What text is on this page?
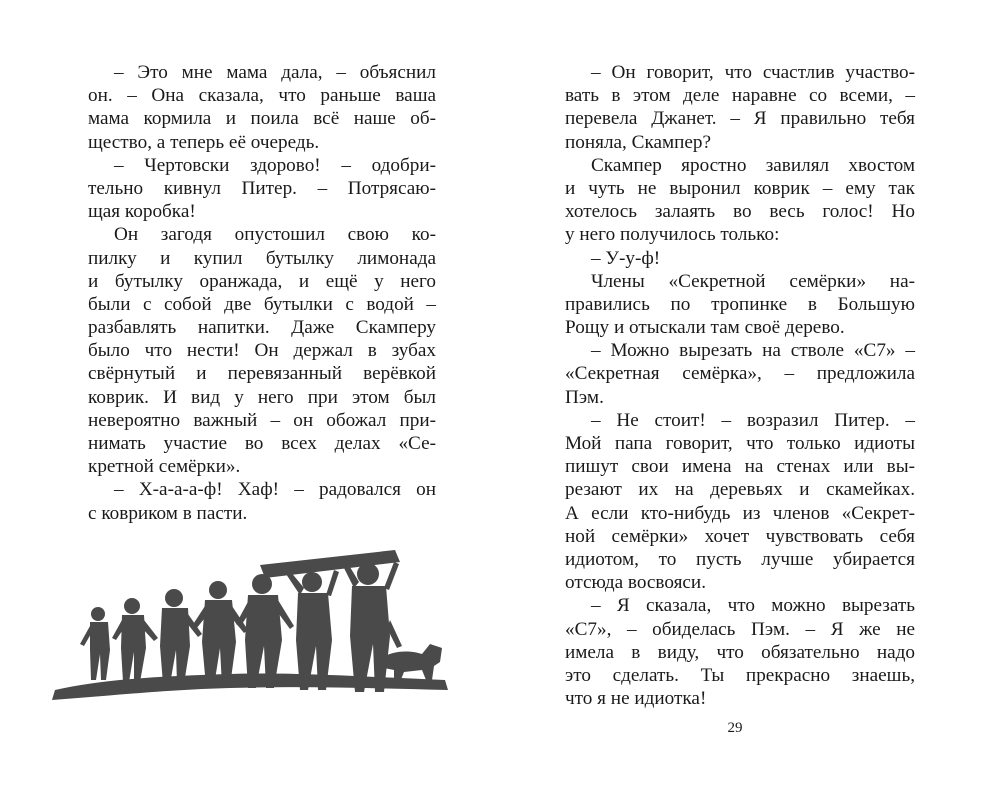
– Это мне мама дала, – объяснил
он. – Она сказала, что раньше ваша
мама кормила и поила всё наше об-
щество, а теперь её очередь.
– Чертовски здорово! – одобри-
тельно кивнул Питер. – Потрясаю-
щая коробка!
Он загодя опустошил свою ко-
пилку и купил бутылку лимонада
и бутылку оранжада, и ещё у него
были с собой две бутылки с водой –
разбавлять напитки. Даже Скамперу
было что нести! Он держал в зубах
свёрнутый и перевязанный верёвкой
коврик. И вид у него при этом был
невероятно важный – он обожал при-
нимать участие во всех делах «Се-
кретной семёрки».
– Х-а-а-а-ф! Хаф! – радовался он
с ковриком в пасти.
– Он говорит, что счастлив участво-
вать в этом деле наравне со всеми, –
перевела Джанет. – Я правильно тебя
поняла, Скампер?
Скампер яростно завилял хвостом
и чуть не выронил коврик – ему так
хотелось залаять во весь голос! Но
у него получилось только:
– У-у-ф!
Члены «Секретной семёрки» на-
правились по тропинке в Большую
Рощу и отыскали там своё дерево.
– Можно вырезать на стволе «С7» –
«Секретная семёрка», – предложила
Пэм.
– Не стоит! – возразил Питер. –
Мой папа говорит, что только идиоты
пишут свои имена на стенах или вы-
резают их на деревьях и скамейках.
А если кто-нибудь из членов «Секрет-
ной семёрки» хочет чувствовать себя
идиотом, то пусть лучше убирается
отсюда восвояси.
– Я сказала, что можно вырезать
«С7», – обиделась Пэм. – Я же не
имела в виду, что обязательно надо
это сделать. Ты прекрасно знаешь,
что я не идиотка!
29
